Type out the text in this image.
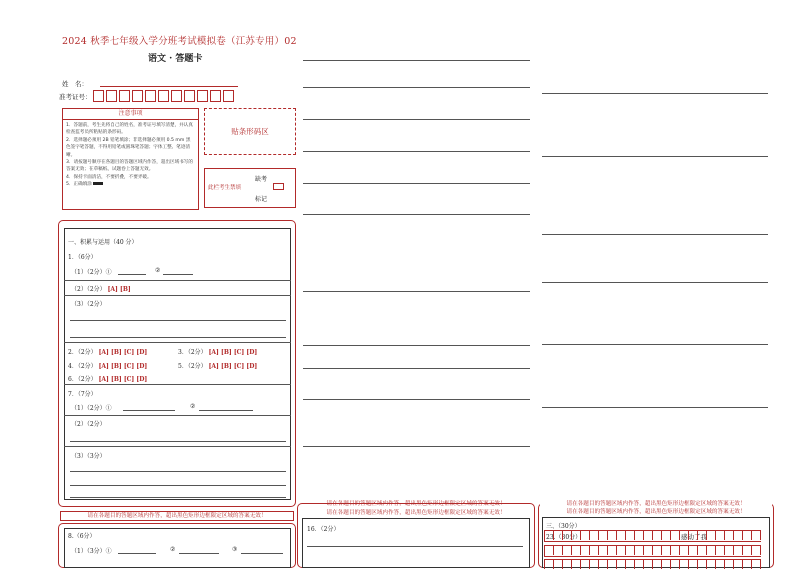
2024 秋季七年级入学分班考试模拟卷（江苏专用）02
语文 · 答题卡
姓　名：
准考证号：
注意事项
1．答题前，考生先将自己的姓名，准考证号填写清楚，并认真检查监考员所粘贴的条形码。
2．选择题必须用 2B 铅笔填涂；非选择题必须用 0.5 mm 黑色签字笔答题，不得用铅笔或圆珠笔答题；字体工整、笔迹清晰。
3．请按题号顺序在各题目的答题区域内作答，超出区域书写的答案无效；在草稿纸、试题卷上答题无效。
4．保持卡面清洁，不要折叠，不要弄破。
5．正确填涂
贴条形码区
此栏考生禁填
缺考
标记
一、积累与运用（40 分）
1．（6分）
（1）（2分）①	②
（2）（2分） [A] [B]
（3）（2分）
2．（2分） [A] [B] [C] [D]	3．（2分） [A] [B] [C] [D]
4．（2分） [A] [B] [C] [D]	5．（2分） [A] [B] [C] [D]
6．（2分） [A] [B] [C] [D]
7．（7分）
（1）（2分）①	②
（2）（2分）
（3）（3分）
请在各题目的答题区域内作答，超出黑色矩形边框限定区域的答案无效！
8.（6分）
（1）（3分）①	②	③
请在各题目的答题区域内作答，超出黑色矩形边框限定区域的答案无效！
请在各题目的答题区域内作答，超出黑色矩形边框限定区域的答案无效！
16．（2分）
请在各题目的答题区域内作答，超出黑色矩形边框限定区域的答案无效！
请在各题目的答题区域内作答，超出黑色矩形边框限定区域的答案无效！
三、（30分）
23.（30分）	感动了我
